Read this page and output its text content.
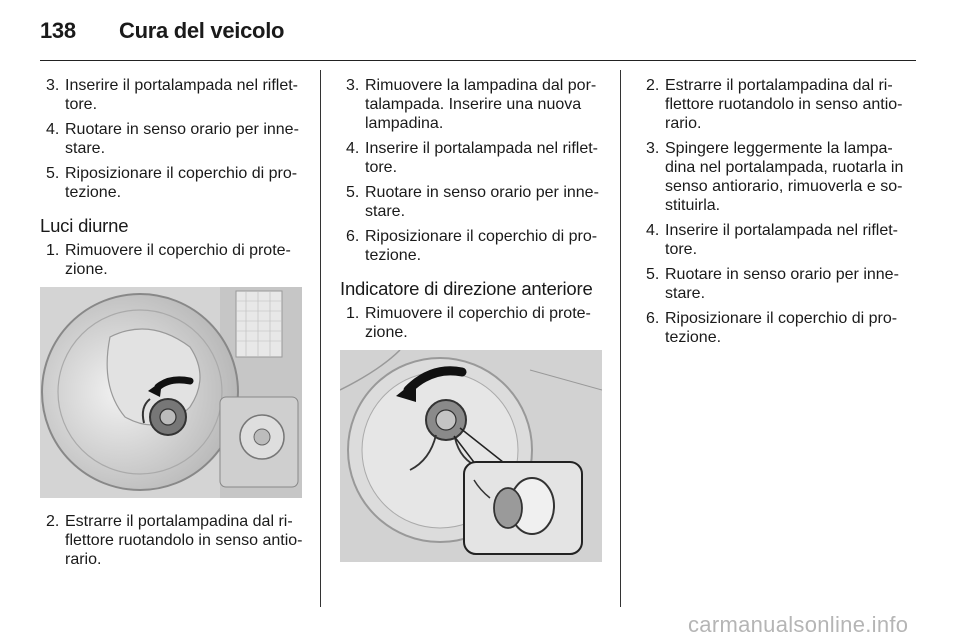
138 Cura del veicolo
3. Inserire il portalampada nel riflet-tore.
4. Ruotare in senso orario per inne-stare.
5. Riposizionare il coperchio di pro-tezione.
Luci diurne
1. Rimuovere il coperchio di prote-zione.
2. Estrarre il portalampadina dal ri-flettore ruotandolo in senso antio-rario.
3. Rimuovere la lampadina dal por-talampada. Inserire una nuova lampadina.
4. Inserire il portalampada nel riflet-tore.
5. Ruotare in senso orario per inne-stare.
6. Riposizionare il coperchio di pro-tezione.
Indicatore di direzione anteriore
1. Rimuovere il coperchio di prote-zione.
2. Estrarre il portalampadina dal ri-flettore ruotandolo in senso antio-rario.
3. Spingere leggermente la lampa-dina nel portalampada, ruotarla in senso antiorario, rimuoverla e so-stituirla.
4. Inserire il portalampada nel riflet-tore.
5. Ruotare in senso orario per inne-stare.
6. Riposizionare il coperchio di pro-tezione.
carmanualsonline.info
